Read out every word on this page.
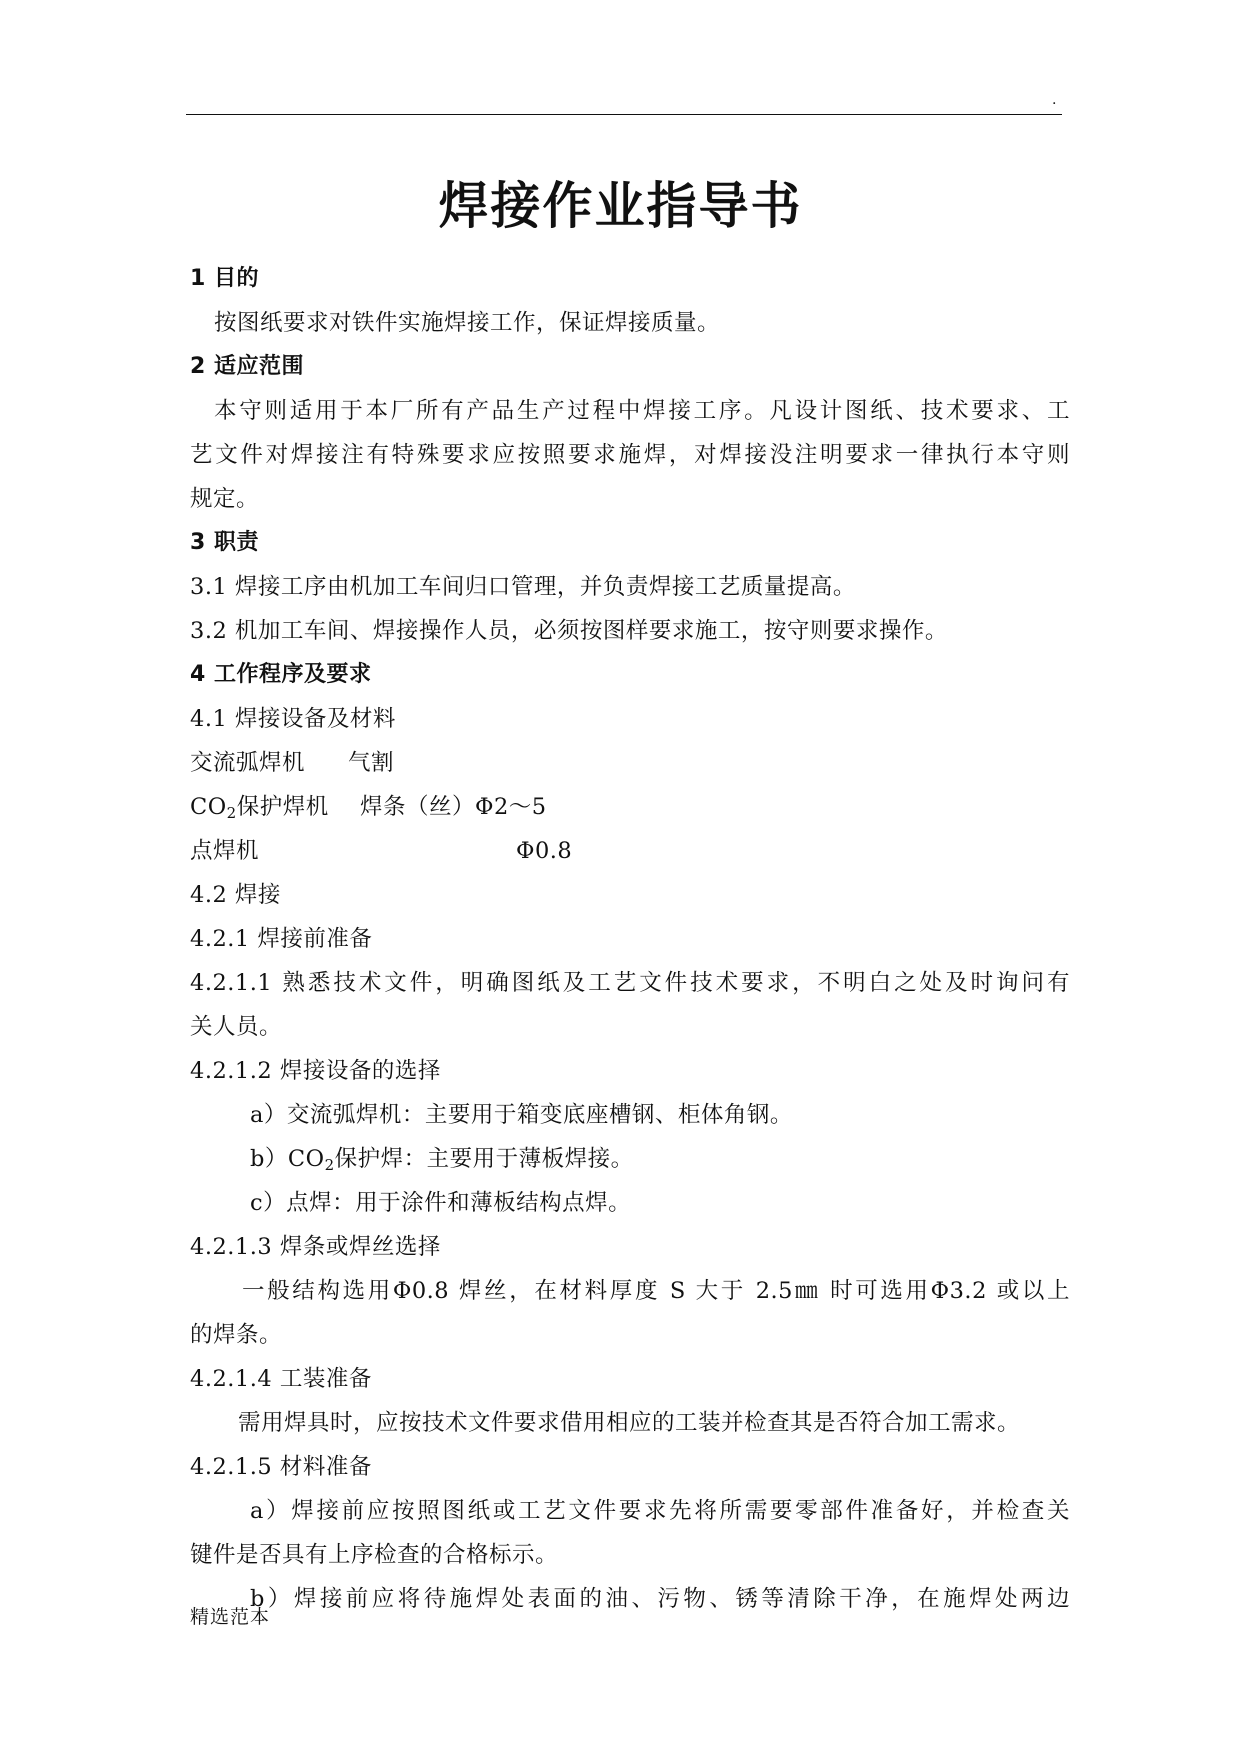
.
焊接作业指导书
1 目的
按图纸要求对铁件实施焊接工作，保证焊接质量。
2 适应范围
本守则适用于本厂所有产品生产过程中焊接工序。凡设计图纸、技术要求、工
艺文件对焊接注有特殊要求应按照要求施焊，对焊接没注明要求一律执行本守则
规定。
3 职责
3.1 焊接工序由机加工车间归口管理，并负责焊接工艺质量提高。
3.2 机加工车间、焊接操作人员，必须按图样要求施工，按守则要求操作。
4 工作程序及要求
4.1 焊接设备及材料
交流弧焊机 气割
$CO_2$保护焊机 焊条（丝）Φ2～5
点焊机	Φ0.8
4.2 焊接
4.2.1 焊接前准备
4.2.1.1 熟悉技术文件，明确图纸及工艺文件技术要求，不明白之处及时询问有
关人员。
4.2.1.2 焊接设备的选择
a）交流弧焊机：主要用于箱变底座槽钢、柜体角钢。
$b)CO_2$保护焊：主要用于薄板焊接。
c）点焊：用于涂件和薄板结构点焊。
4.2.1.3 焊条或焊丝选择
一般结构选用Φ0.8 焊丝，在材料厚度 S 大于 2.5㎜ 时可选用Φ3.2 或以上
的焊条。
4.2.1.4 工装准备
需用焊具时，应按技术文件要求借用相应的工装并检查其是否符合加工需求。
4.2.1.5 材料准备
a）焊接前应按照图纸或工艺文件要求先将所需要零部件准备好，并检查关
键件是否具有上序检查的合格标示。
b）焊接前应将待施焊处表面的油、污物、锈等清除干净，在施焊处两边
精选范本
